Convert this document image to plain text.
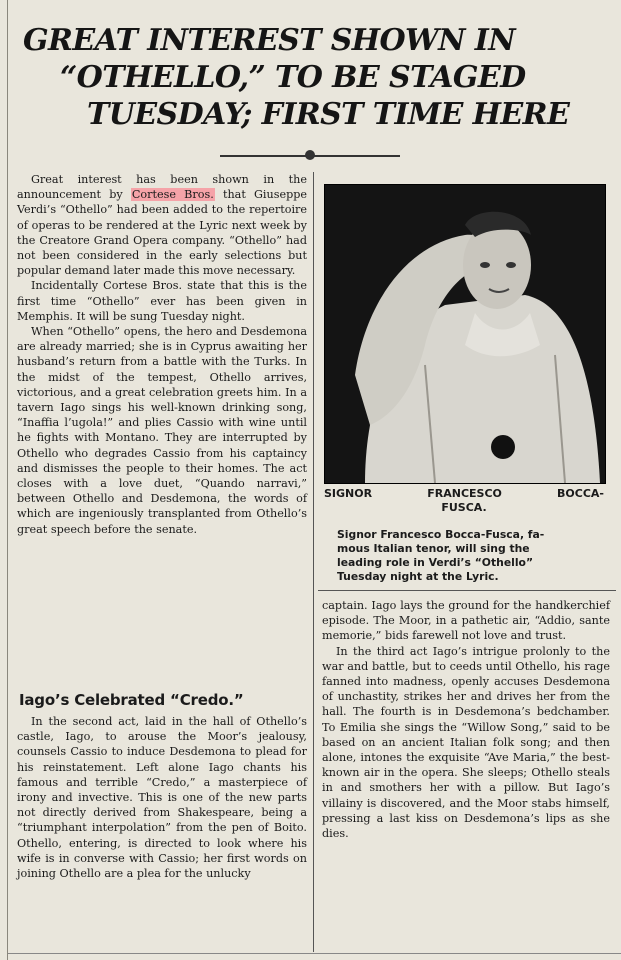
GREAT INTEREST SHOWN IN
“OTHELLO,” TO BE STAGED
TUESDAY; FIRST TIME HERE

Great interest has been shown in the announcement by Cortese Bros. that Giuseppe Verdi’s “Othello” had been added to the repertoire of operas to be rendered at the Lyric next week by the Creatore Grand Opera company. “Othello” had not been considered in the early selections but popular demand later made this move necessary.

Incidentally Cortese Bros. state that this is the first time “Othello” ever has been given in Memphis. It will be sung Tuesday night.

When “Othello” opens, the hero and Desdemona are already married; she is in Cyprus awaiting her husband’s return from a battle with the Turks. In the midst of the tempest, Othello arrives, victorious, and a great celebration greets him. In a tavern Iago sings his well-known drinking song, “Inaffia l’ugola!” and plies Cassio with wine until he fights with Montano. They are interrupted by Othello who degrades Cassio from his captaincy and dismisses the people to their homes. The act closes with a love duet, “Quando narravi,” between Othello and Desdemona, the words of which are ingeniously transplanted from Othello’s great speech before the senate.

Iago’s Celebrated “Credo.”

In the second act, laid in the hall of Othello’s castle, Iago, to arouse the Moor’s jealousy, counsels Cassio to induce Desdemona to plead for his reinstatement. Left alone Iago chants his famous and terrible “Credo,” a masterpiece of irony and invective. This is one of the new parts not directly derived from Shakespeare, being a “triumphant interpolation” from the pen of Boito. Othello, entering, is directed to look where his wife is in converse with Cassio; her first words on joining Othello are a plea for the unlucky

SIGNOR	FRANCESCO	BOCCA-
FUSCA.
Signor Francesco Bocca-Fusca, fa-
mous Italian tenor, will sing the
leading role in Verdi’s “Othello”
Tuesday night at the Lyric.

captain. Iago lays the ground for the handkerchief episode. The Moor, in a pathetic air, “Addio, sante memorie,” bids farewell not love and trust.

In the third act Iago’s intrigue prolonly to the war and battle, but to ceeds until Othello, his rage fanned into madness, openly accuses Desdemona of unchastity, strikes her and drives her from the hall. The fourth is in Desdemona’s bedchamber. To Emilia she sings the “Willow Song,” said to be based on an ancient Italian folk song; and then alone, intones the exquisite “Ave Maria,” the best-known air in the opera. She sleeps; Othello steals in and smothers her with a pillow. But Iago’s villainy is discovered, and the Moor stabs himself, pressing a last kiss on Desdemona’s lips as she dies.
